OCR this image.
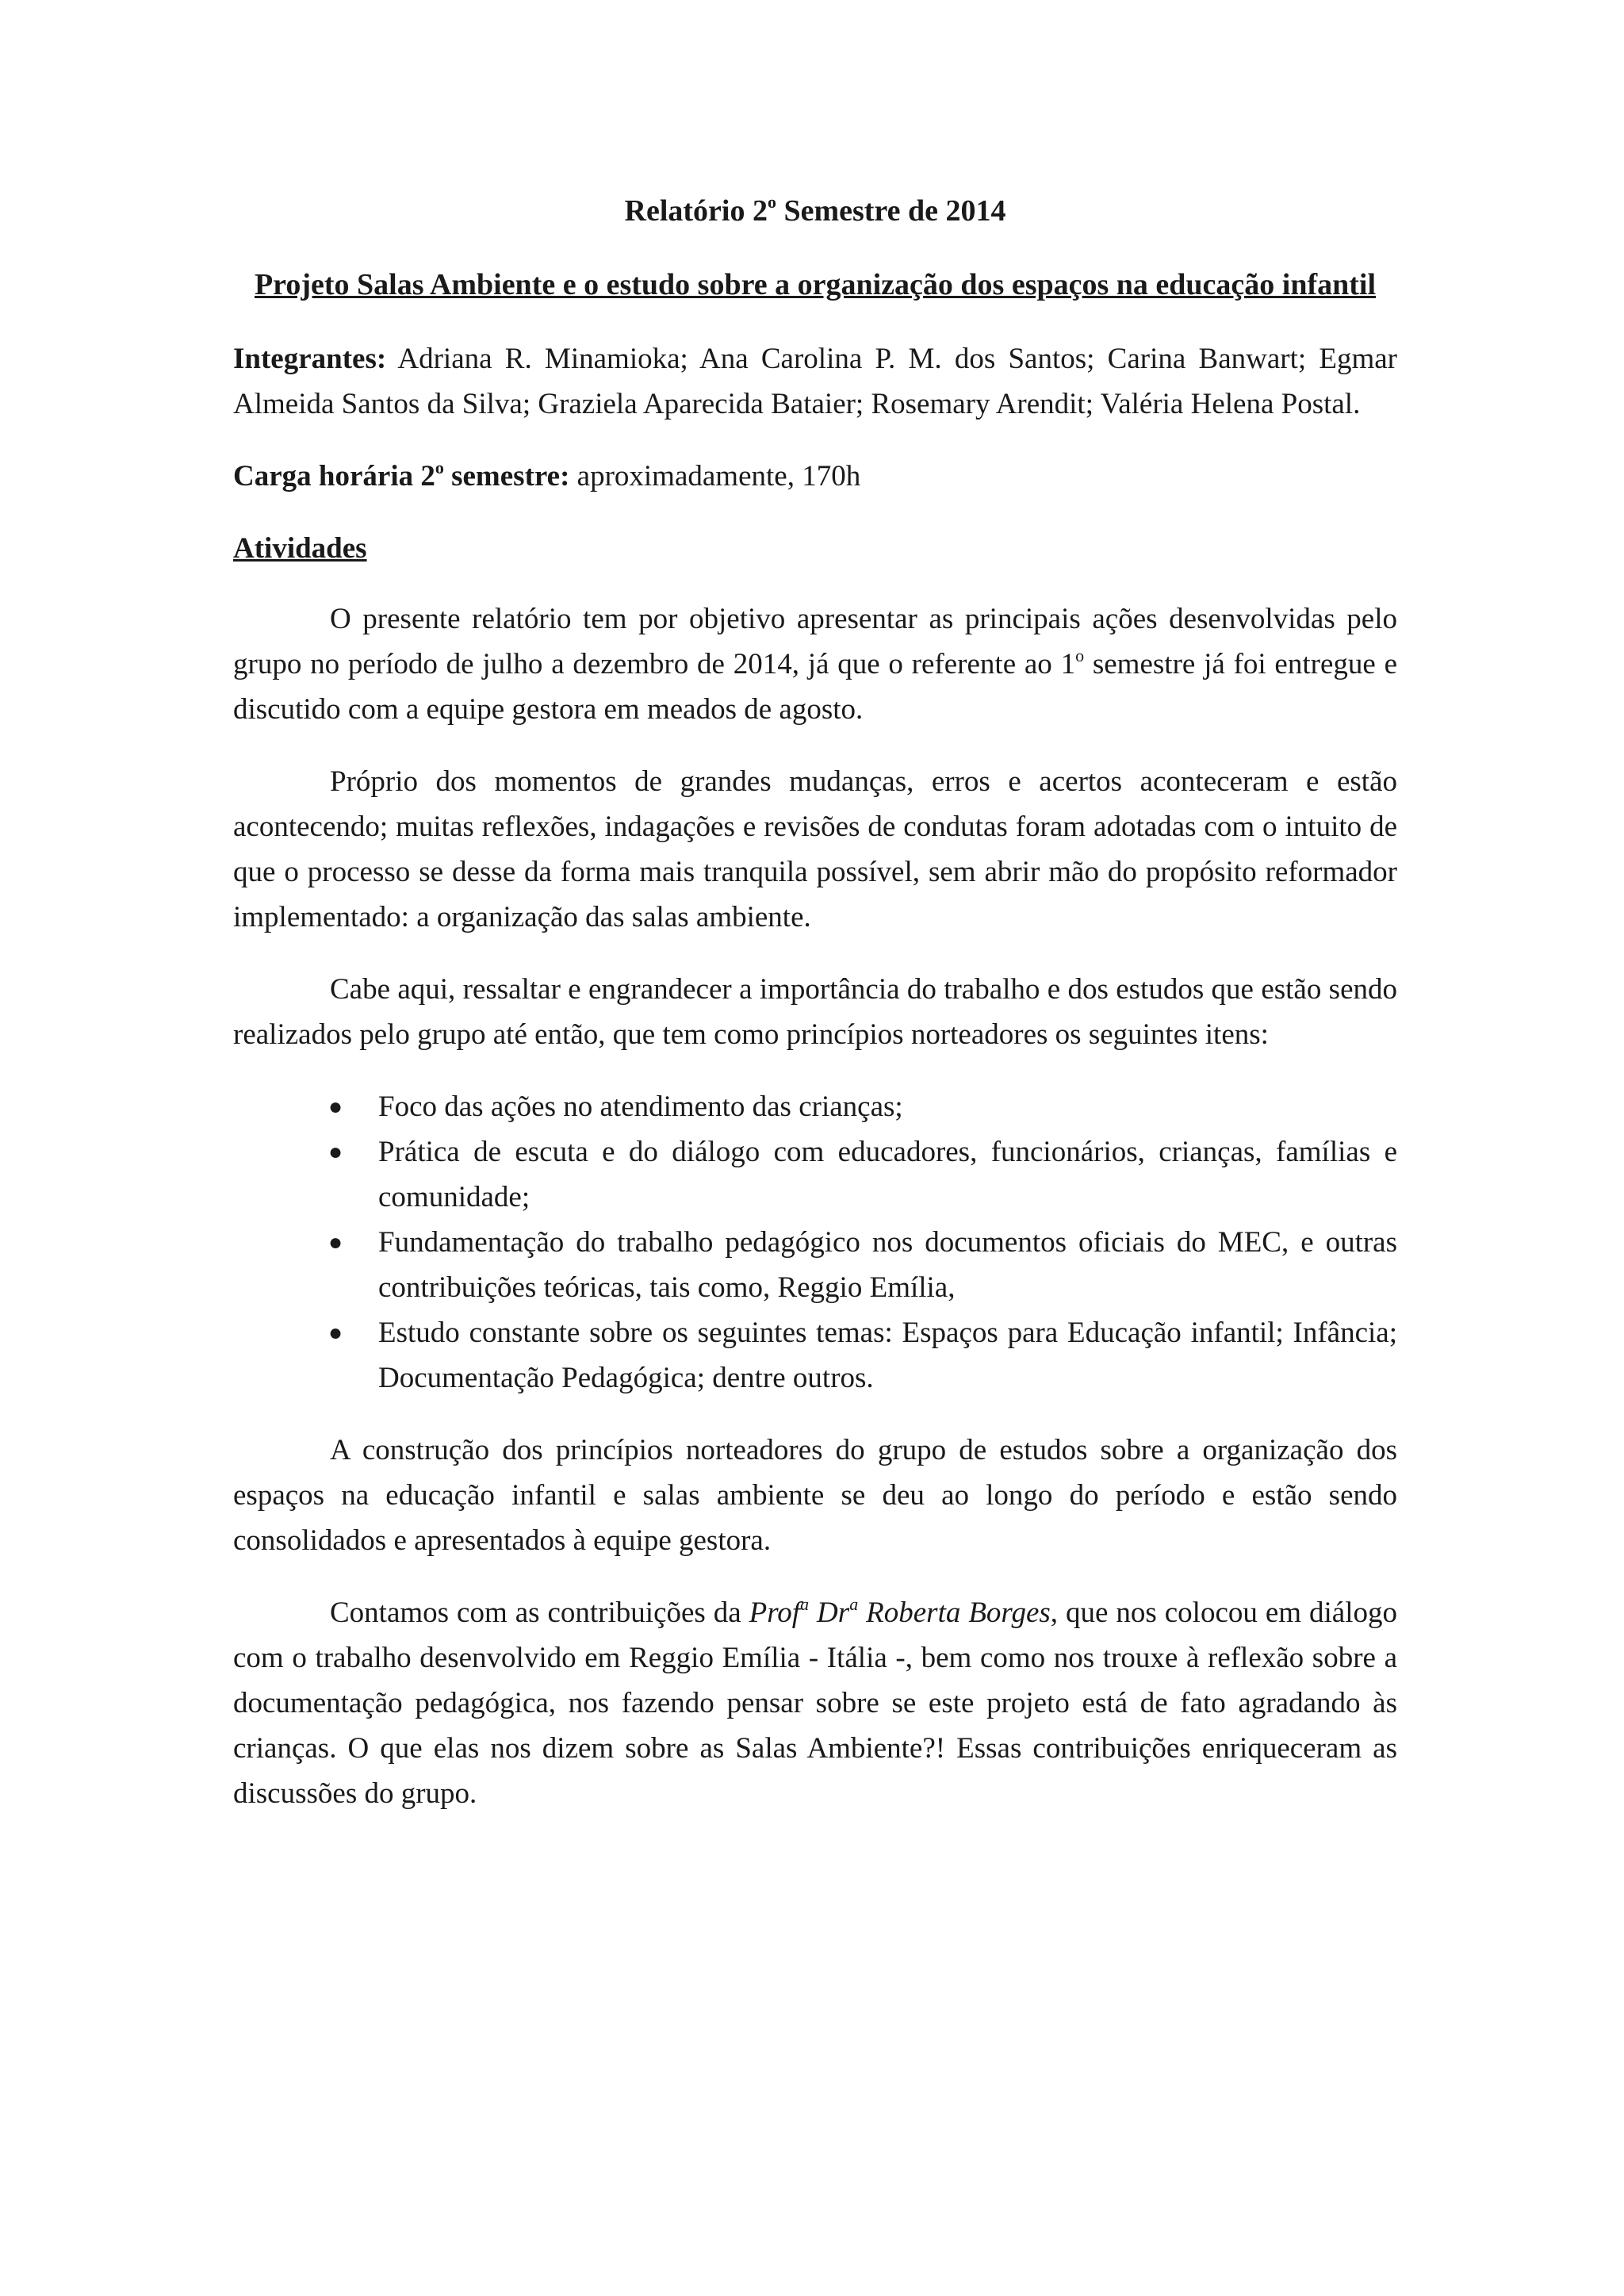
Relatório 2$^o$ Semestre de 2014
Projeto Salas Ambiente e o estudo sobre a organização dos espaços na educação infantil

Integrantes: Adriana R. Minamioka; Ana Carolina P. M. dos Santos; Carina Banwart; Egmar Almeida Santos da Silva; Graziela Aparecida Bataier; Rosemary Arendit; Valéria Helena Postal.

Carga horária 2$^o$ semestre: aproximadamente, 170h

Atividades

O presente relatório tem por objetivo apresentar as principais ações desenvolvidas pelo grupo no período de julho a dezembro de 2014, já que o referente ao 1$^o$ semestre já foi entregue e discutido com a equipe gestora em meados de agosto.

Próprio dos momentos de grandes mudanças, erros e acertos aconteceram e estão acontecendo; muitas reflexões, indagações e revisões de condutas foram adotadas com o intuito de que o processo se desse da forma mais tranquila possível, sem abrir mão do propósito reformador implementado: a organização das salas ambiente.

Cabe aqui, ressaltar e engrandecer a importância do trabalho e dos estudos que estão sendo realizados pelo grupo até então, que tem como princípios norteadores os seguintes itens:

● Foco das ações no atendimento das crianças;
● Prática de escuta e do diálogo com educadores, funcionários, crianças, famílias e comunidade;
● Fundamentação do trabalho pedagógico nos documentos oficiais do MEC, e outras contribuições teóricas, tais como, Reggio Emília,
● Estudo constante sobre os seguintes temas: Espaços para Educação infantil; Infância; Documentação Pedagógica; dentre outros.

A construção dos princípios norteadores do grupo de estudos sobre a organização dos espaços na educação infantil e salas ambiente se deu ao longo do período e estão sendo consolidados e apresentados à equipe gestora.

Contamos com as contribuições da Prof$^a$ Dr$^a$ Roberta Borges, que nos colocou em diálogo com o trabalho desenvolvido em Reggio Emília - Itália -, bem como nos trouxe à reflexão sobre a documentação pedagógica, nos fazendo pensar sobre se este projeto está de fato agradando às crianças. O que elas nos dizem sobre as Salas Ambiente?! Essas contribuições enriqueceram as discussões do grupo.
